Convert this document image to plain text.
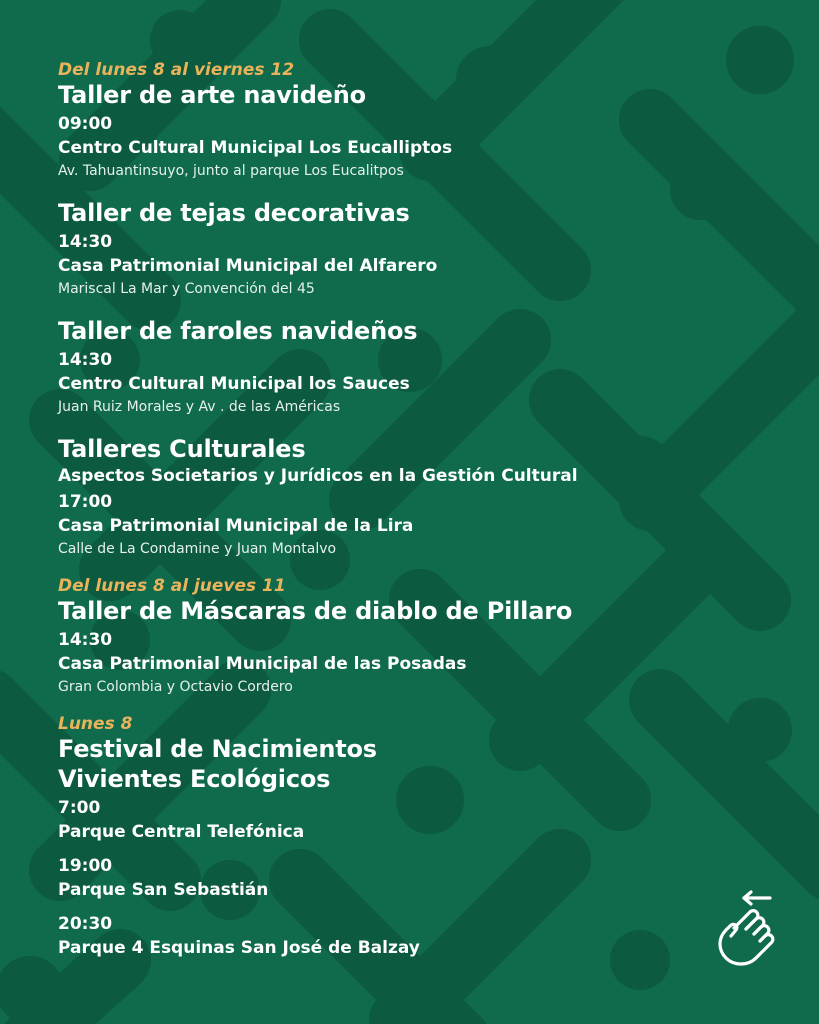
Del lunes 8 al viernes 12
Taller de arte navideño
09:00
Centro Cultural Municipal Los Eucalliptos
Av. Tahuantinsuyo, junto al parque Los Eucalitpos
Taller de tejas decorativas
14:30
Casa Patrimonial Municipal del Alfarero
Mariscal La Mar y Convención del 45
Taller de faroles navideños
14:30
Centro Cultural Municipal los Sauces
Juan Ruiz Morales y Av . de las Américas
Talleres Culturales
Aspectos Societarios y Jurídicos en la Gestión Cultural
17:00
Casa Patrimonial Municipal de la Lira
Calle de La Condamine y Juan Montalvo
Del lunes 8 al jueves 11
Taller de Máscaras de diablo de Pillaro
14:30
Casa Patrimonial Municipal de las Posadas
Gran Colombia y Octavio Cordero
Lunes 8
Festival de Nacimientos
Vivientes Ecológicos
7:00
Parque Central Telefónica
19:00
Parque San Sebastián
20:30
Parque 4 Esquinas San José de Balzay
